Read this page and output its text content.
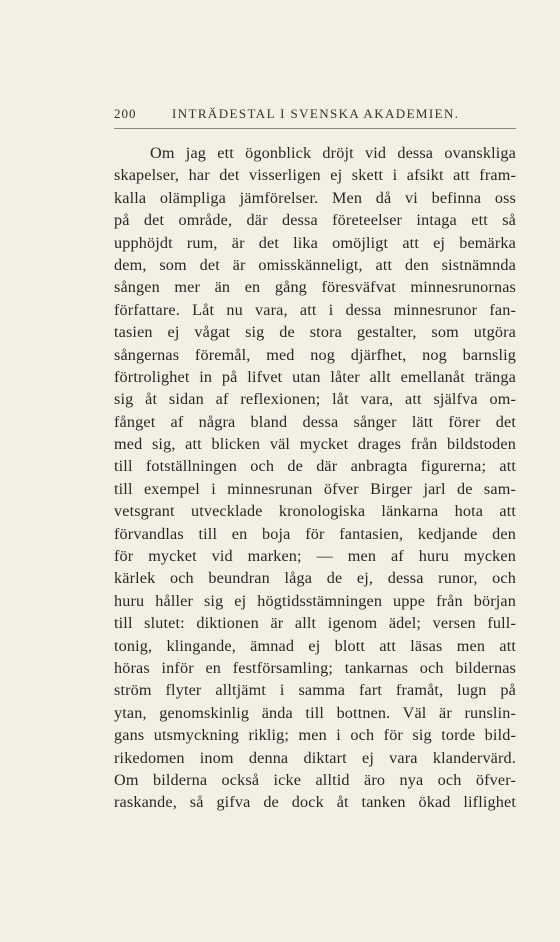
200	INTRÄDESTAL I SVENSKA AKADEMIEN.
Om jag ett ögonblick dröjt vid dessa ovanskliga
skapelser, har det visserligen ej skett i afsikt att fram-
kalla olämpliga jämförelser. Men då vi befinna oss
på det område, där dessa företeelser intaga ett så
upphöjdt rum, är det lika omöjligt att ej bemärka
dem, som det är omisskänneligt, att den sistnämnda
sången mer än en gång föresväfvat minnesrunornas
författare. Låt nu vara, att i dessa minnesrunor fan-
tasien ej vågat sig de stora gestalter, som utgöra
sångernas föremål, med nog djärfhet, nog barnslig
förtrolighet in på lifvet utan låter allt emellanåt tränga
sig åt sidan af reflexionen; låt vara, att själfva om-
fånget af några bland dessa sånger lätt förer det
med sig, att blicken väl mycket drages från bildstoden
till fotställningen och de där anbragta figurerna; att
till exempel i minnesrunan öfver Birger jarl de sam-
vetsgrant utvecklade kronologiska länkarna hota att
förvandlas till en boja för fantasien, kedjande den
för mycket vid marken; — men af huru mycken
kärlek och beundran låga de ej, dessa runor, och
huru håller sig ej högtidsstämningen uppe från början
till slutet: diktionen är allt igenom ädel; versen full-
tonig, klingande, ämnad ej blott att läsas men att
höras inför en festförsamling; tankarnas och bildernas
ström flyter alltjämt i samma fart framåt, lugn på
ytan, genomskinlig ända till bottnen. Väl är runslin-
gans utsmyckning riklig; men i och för sig torde bild-
rikedomen inom denna diktart ej vara klandervärd.
Om bilderna också icke alltid äro nya och öfver-
raskande, så gifva de dock åt tanken ökad liflighet
